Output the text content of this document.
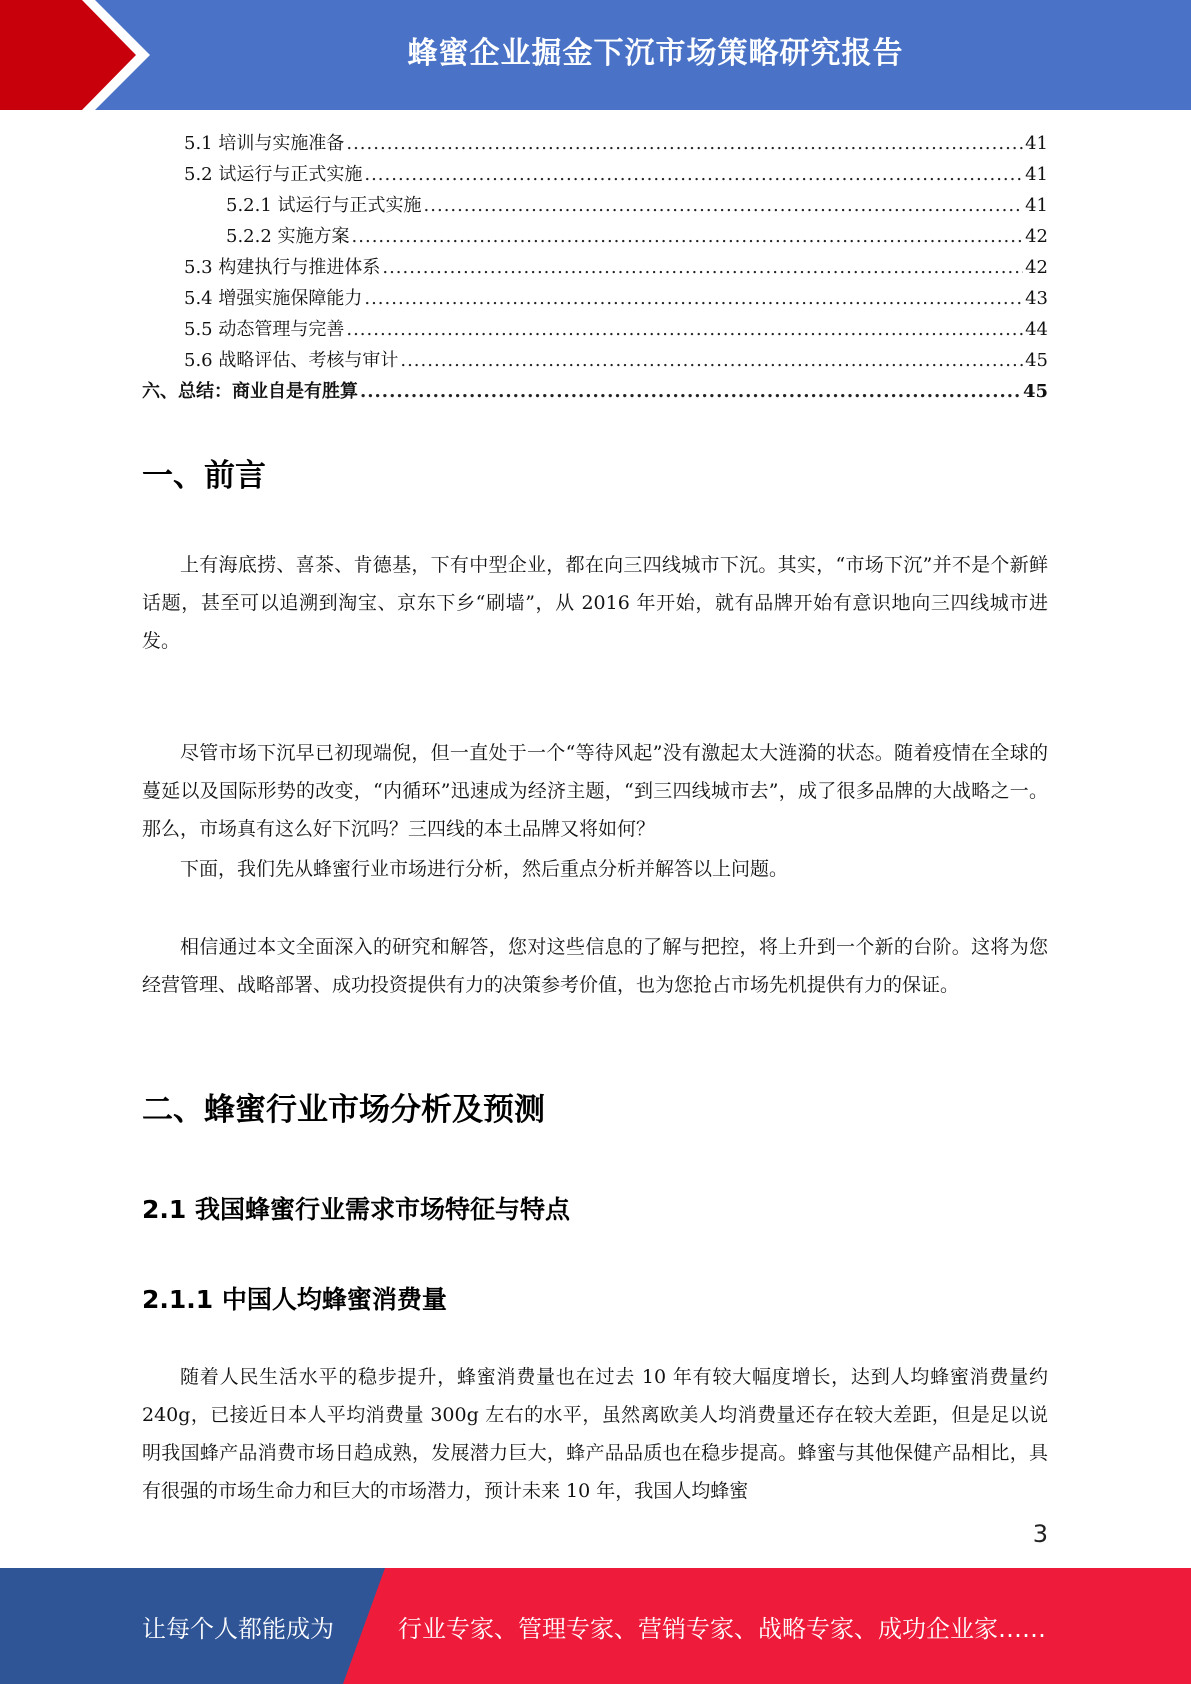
蜂蜜企业掘金下沉市场策略研究报告
5.1 培训与实施准备 .....	41
5.2 试运行与正式实施 .....	41
5.2.1 试运行与正式实施 .....	41
5.2.2 实施方案 .....	42
5.3 构建执行与推进体系 .....	42
5.4 增强实施保障能力 .....	43
5.5 动态管理与完善 .....	44
5.6 战略评估、考核与审计 .....	45
六、总结：商业自是有胜算 .....	45
一、前言
上有海底捞、喜茶、肯德基，下有中型企业，都在向三四线城市下沉。其实，“市场下沉”并不是个新鲜话题，甚至可以追溯到淘宝、京东下乡“刷墙”，从 2016 年开始，就有品牌开始有意识地向三四线城市进发。
尽管市场下沉早已初现端倪，但一直处于一个“等待风起”没有激起太大涟漪的状态。随着疫情在全球的蔓延以及国际形势的改变，“内循环”迅速成为经济主题，“到三四线城市去”，成了很多品牌的大战略之一。那么，市场真有这么好下沉吗？三四线的本土品牌又将如何？
下面，我们先从蜂蜜行业市场进行分析，然后重点分析并解答以上问题。
相信通过本文全面深入的研究和解答，您对这些信息的了解与把控，将上升到一个新的台阶。这将为您经营管理、战略部署、成功投资提供有力的决策参考价值，也为您抢占市场先机提供有力的保证。
二、蜂蜜行业市场分析及预测
2.1 我国蜂蜜行业需求市场特征与特点
2.1.1 中国人均蜂蜜消费量
随着人民生活水平的稳步提升，蜂蜜消费量也在过去 10 年有较大幅度增长，达到人均蜂蜜消费量约 240g，已接近日本人平均消费量 300g 左右的水平，虽然离欧美人均消费量还存在较大差距，但是足以说明我国蜂产品消费市场日趋成熟，发展潜力巨大，蜂产品品质也在稳步提高。蜂蜜与其他保健产品相比，具有很强的市场生命力和巨大的市场潜力，预计未来 10 年，我国人均蜂蜜
3
让每个人都能成为	行业专家、管理专家、营销专家、战略专家、成功企业家……
